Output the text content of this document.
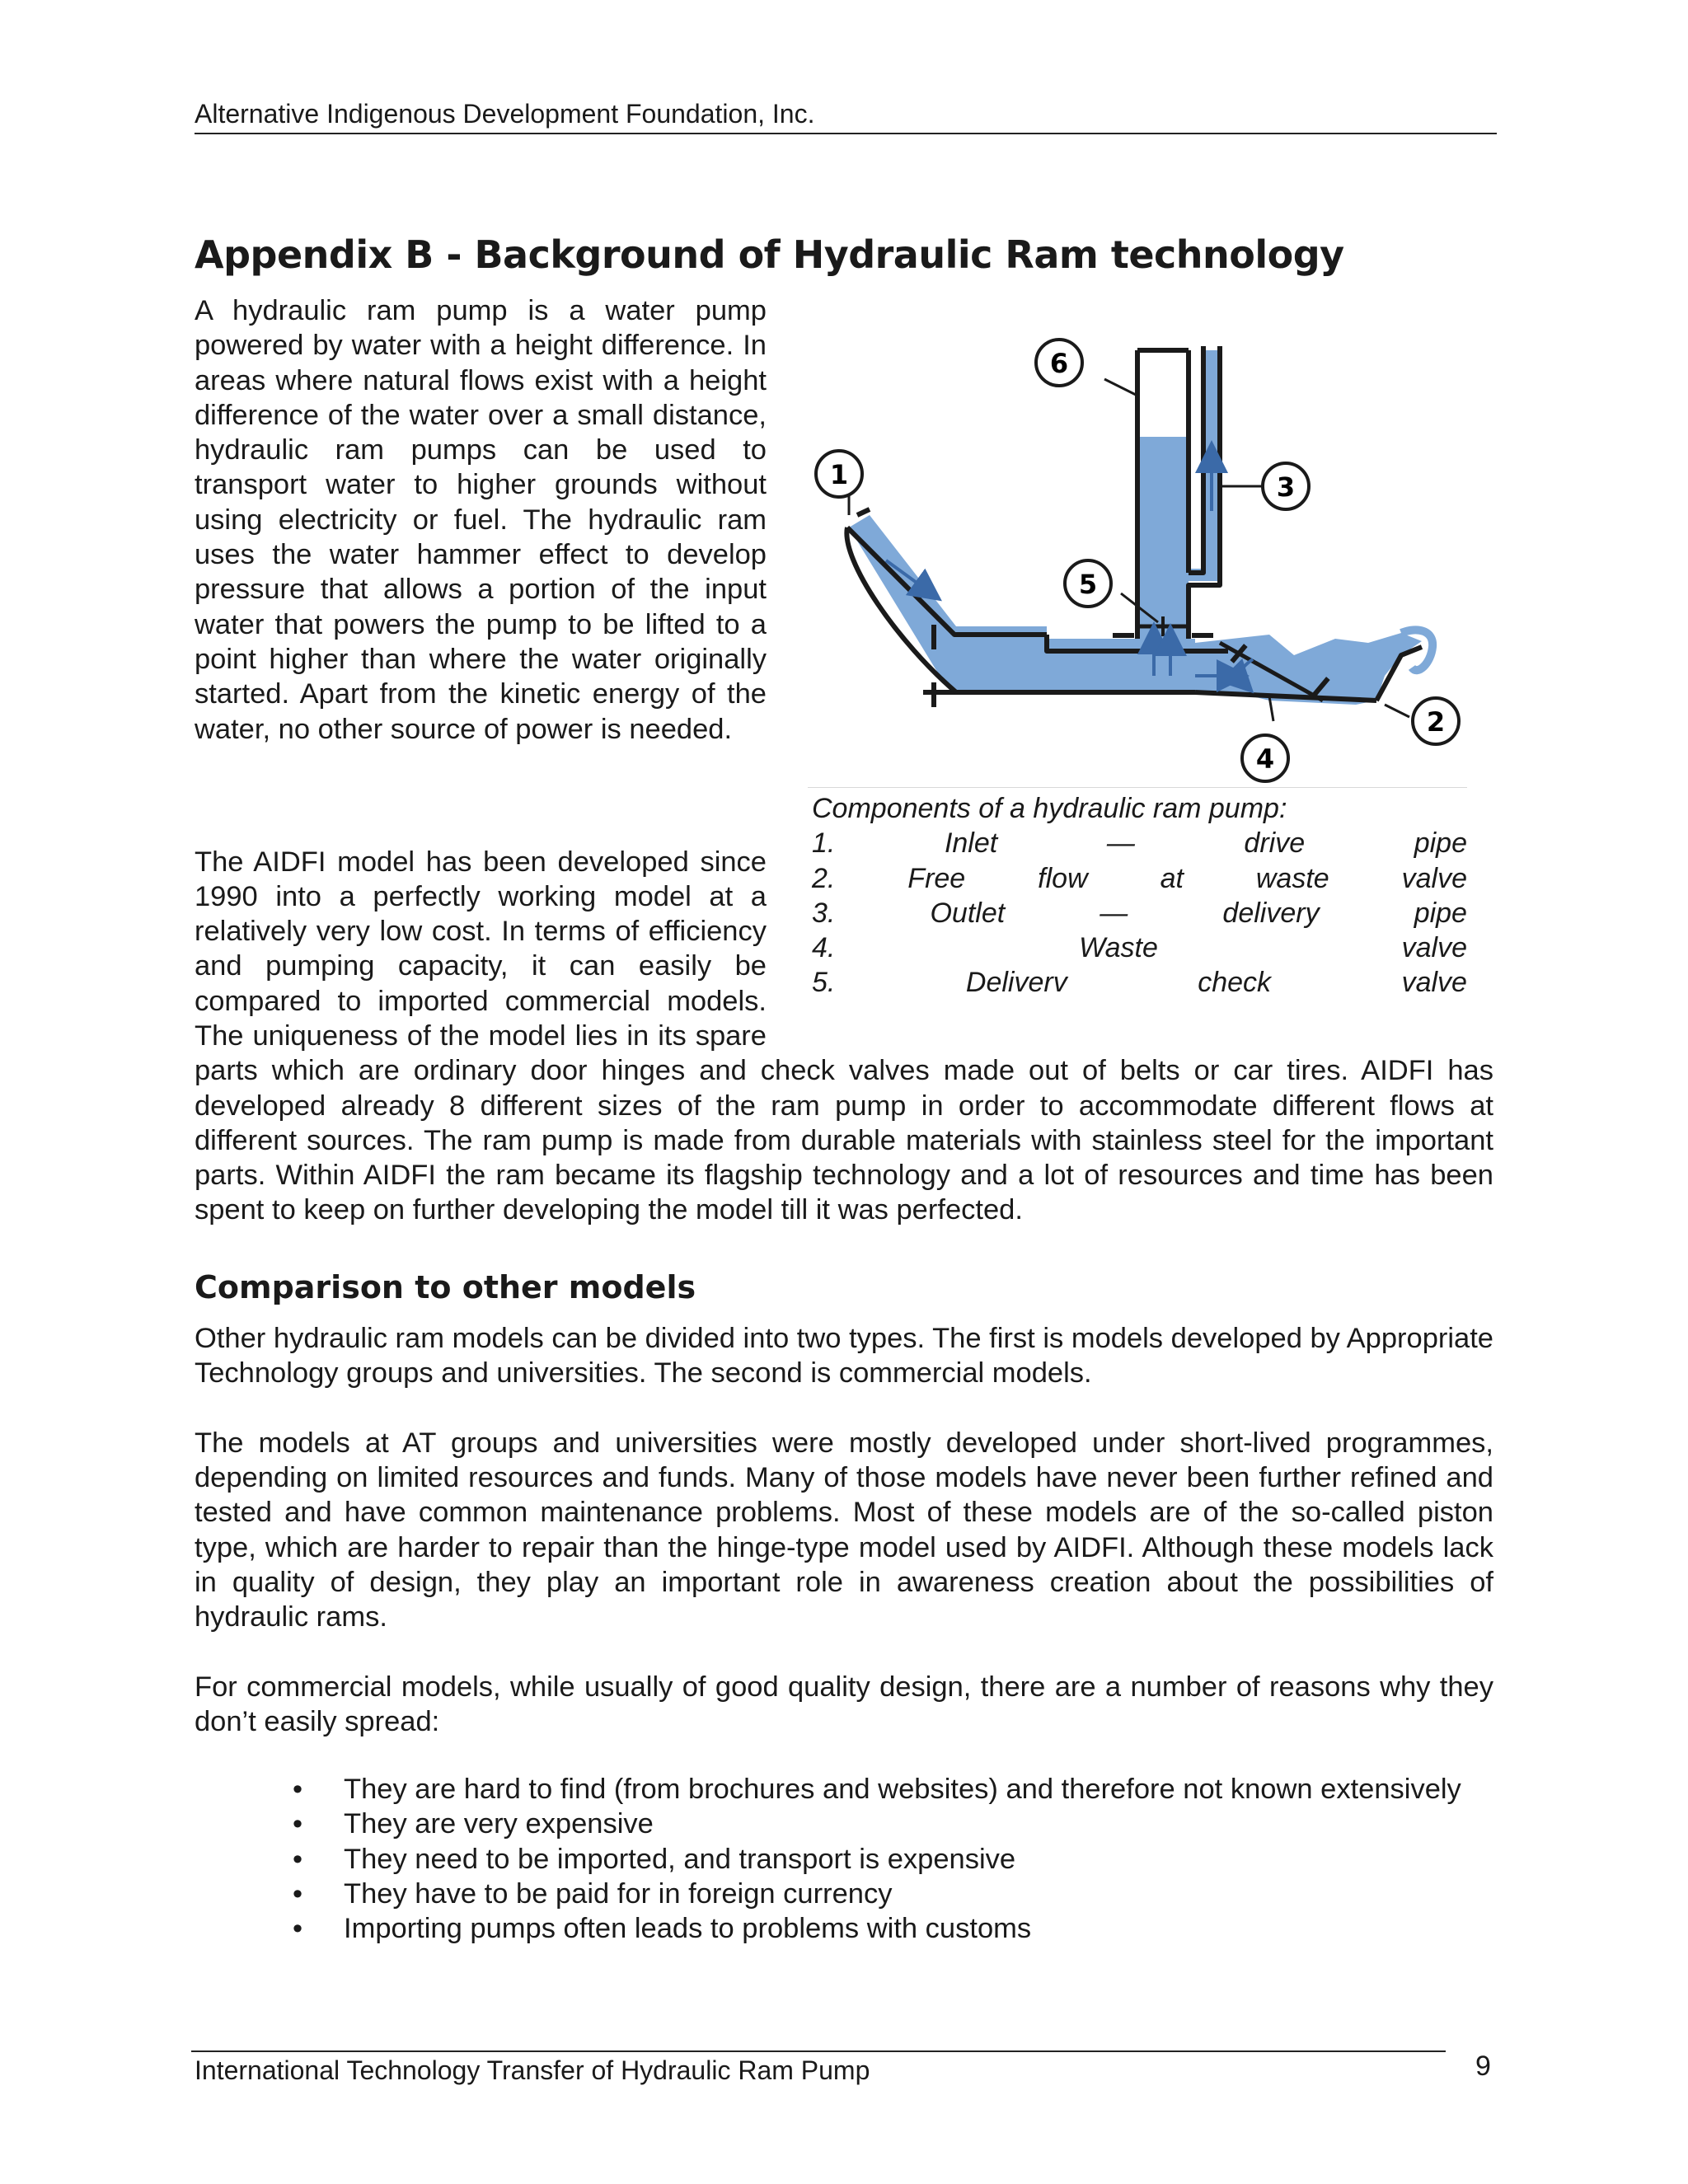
Alternative Indigenous Development Foundation, Inc.
Appendix B - Background of Hydraulic Ram technology

A hydraulic ram pump is a water pump powered by water with a height difference. In areas where natural flows exist with a height difference of the water over a small distance, hydraulic ram pumps can be used to transport water to higher grounds without using electricity or fuel. The hydraulic ram uses the water hammer effect to develop pressure that allows a portion of the input water that powers the pump to be lifted to a point higher than where the water originally started. Apart from the kinetic energy of the water, no other source of power is needed.

1
6
3
5
4
2
Components of a hydraulic ram pump:
1.	Inlet	—	drive	pipe
2.	Free	flow	at	waste	valve
3.	Outlet	—	delivery	pipe
4.	Waste	valve
5.	Deliverv	check	valve

The AIDFI model has been developed since 1990 into a perfectly working model at a relatively very low cost. In terms of efficiency and pumping capacity, it can easily be compared to imported commercial models. The uniqueness of the model lies in its spare parts which are ordinary door hinges and check valves made out of belts or car tires. AIDFI has developed already 8 different sizes of the ram pump in order to accommodate different flows at different sources. The ram pump is made from durable materials with stainless steel for the important parts. Within AIDFI the ram became its flagship technology and a lot of resources and time has been spent to keep on further developing the model till it was perfected.

Comparison to other models

Other hydraulic ram models can be divided into two types. The first is models developed by Appropriate Technology groups and universities. The second is commercial models.

The models at AT groups and universities were mostly developed under short-lived programmes, depending on limited resources and funds. Many of those models have never been further refined and tested and have common maintenance problems. Most of these models are of the so-called piston type, which are harder to repair than the hinge-type model used by AIDFI. Although these models lack in quality of design, they play an important role in awareness creation about the possibilities of hydraulic rams.

For commercial models, while usually of good quality design, there are a number of reasons why they don’t easily spread:

• They are hard to find (from brochures and websites) and therefore not known extensively
• They are very expensive
• They need to be imported, and transport is expensive
• They have to be paid for in foreign currency
• Importing pumps often leads to problems with customs
International Technology Transfer of Hydraulic Ram Pump	9
